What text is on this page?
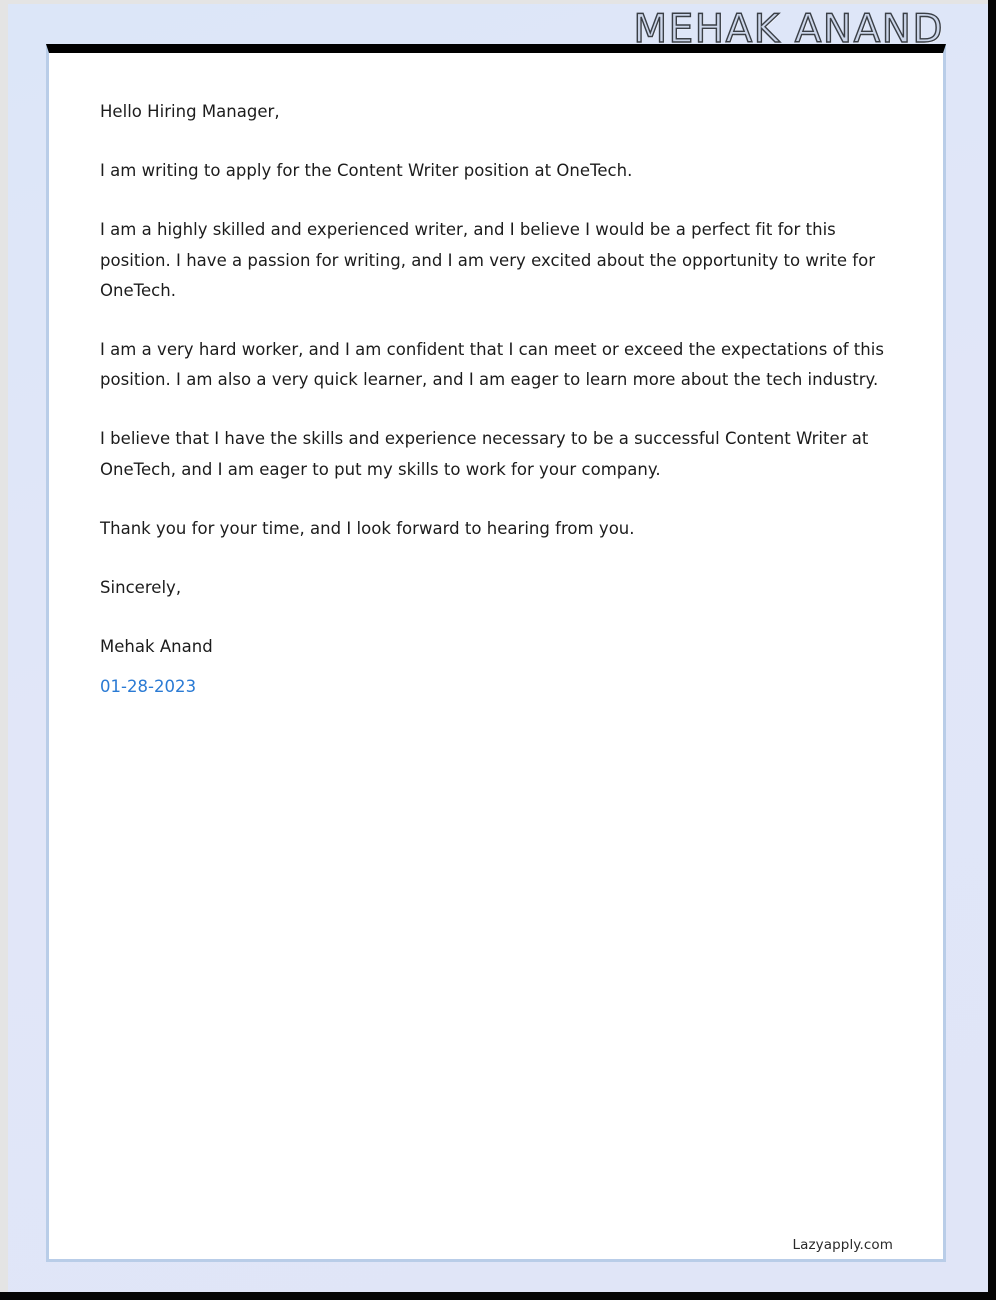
MEHAK ANAND

Hello Hiring Manager,

I am writing to apply for the Content Writer position at OneTech.

I am a highly skilled and experienced writer, and I believe I would be a perfect fit for this position. I have a passion for writing, and I am very excited about the opportunity to write for OneTech.

I am a very hard worker, and I am confident that I can meet or exceed the expectations of this position. I am also a very quick learner, and I am eager to learn more about the tech industry.

I believe that I have the skills and experience necessary to be a successful Content Writer at OneTech, and I am eager to put my skills to work for your company.

Thank you for your time, and I look forward to hearing from you.

Sincerely,

Mehak Anand

01-28-2023

Lazyapply.com
